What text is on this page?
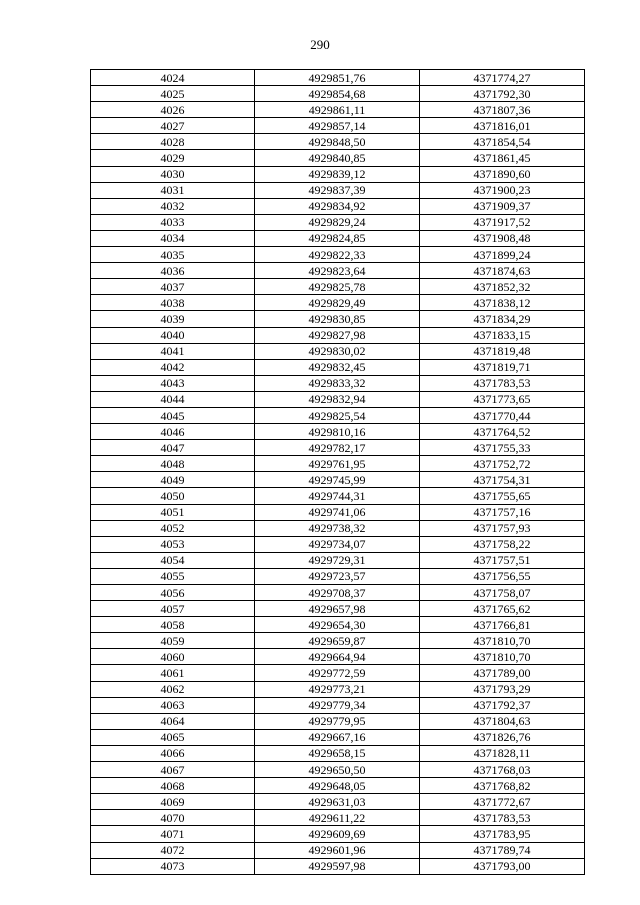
290
4024	4929851,76	4371774,27
4025	4929854,68	4371792,30
4026	4929861,11	4371807,36
4027	4929857,14	4371816,01
4028	4929848,50	4371854,54
4029	4929840,85	4371861,45
4030	4929839,12	4371890,60
4031	4929837,39	4371900,23
4032	4929834,92	4371909,37
4033	4929829,24	4371917,52
4034	4929824,85	4371908,48
4035	4929822,33	4371899,24
4036	4929823,64	4371874,63
4037	4929825,78	4371852,32
4038	4929829,49	4371838,12
4039	4929830,85	4371834,29
4040	4929827,98	4371833,15
4041	4929830,02	4371819,48
4042	4929832,45	4371819,71
4043	4929833,32	4371783,53
4044	4929832,94	4371773,65
4045	4929825,54	4371770,44
4046	4929810,16	4371764,52
4047	4929782,17	4371755,33
4048	4929761,95	4371752,72
4049	4929745,99	4371754,31
4050	4929744,31	4371755,65
4051	4929741,06	4371757,16
4052	4929738,32	4371757,93
4053	4929734,07	4371758,22
4054	4929729,31	4371757,51
4055	4929723,57	4371756,55
4056	4929708,37	4371758,07
4057	4929657,98	4371765,62
4058	4929654,30	4371766,81
4059	4929659,87	4371810,70
4060	4929664,94	4371810,70
4061	4929772,59	4371789,00
4062	4929773,21	4371793,29
4063	4929779,34	4371792,37
4064	4929779,95	4371804,63
4065	4929667,16	4371826,76
4066	4929658,15	4371828,11
4067	4929650,50	4371768,03
4068	4929648,05	4371768,82
4069	4929631,03	4371772,67
4070	4929611,22	4371783,53
4071	4929609,69	4371783,95
4072	4929601,96	4371789,74
4073	4929597,98	4371793,00
